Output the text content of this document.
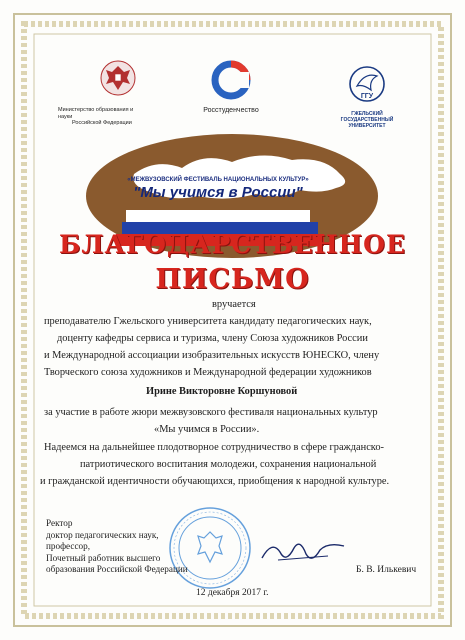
Министерство образования и науки
Российской Федерации
Росстуденчество
ГГУ
ГЖЕЛЬСКИЙ
ГОСУДАРСТВЕННЫЙ
УНИВЕРСИТЕТ
«МЕЖВУЗОВСКИЙ ФЕСТИВАЛЬ НАЦИОНАЛЬНЫХ КУЛЬТУР»
"Мы учимся в России"
БЛАГОДАРСТВЕННОЕ
ПИСЬМО
вручается
преподавателю Гжельского университета кандидату педагогических наук,
доценту кафедры сервиса и туризма, члену Союза художников России
и Международной ассоциации изобразительных искусств ЮНЕСКО, члену
Творческого союза художников и Международной федерации художников
Ирине Викторовне Коршуновой
за участие в работе жюри межвузовского фестиваля национальных культур
«Мы учимся в России».
Надеемся на дальнейшее плодотворное сотрудничество в сфере гражданско-
патриотического воспитания молодежи, сохранения национальной
и гражданской идентичности обучающихся, приобщения к народной культуре.
Ректор
доктор педагогических наук,
профессор,
Почетный работник высшего
образования Российской Федерации	Б. В. Илькевич
12 декабря 2017 г.
